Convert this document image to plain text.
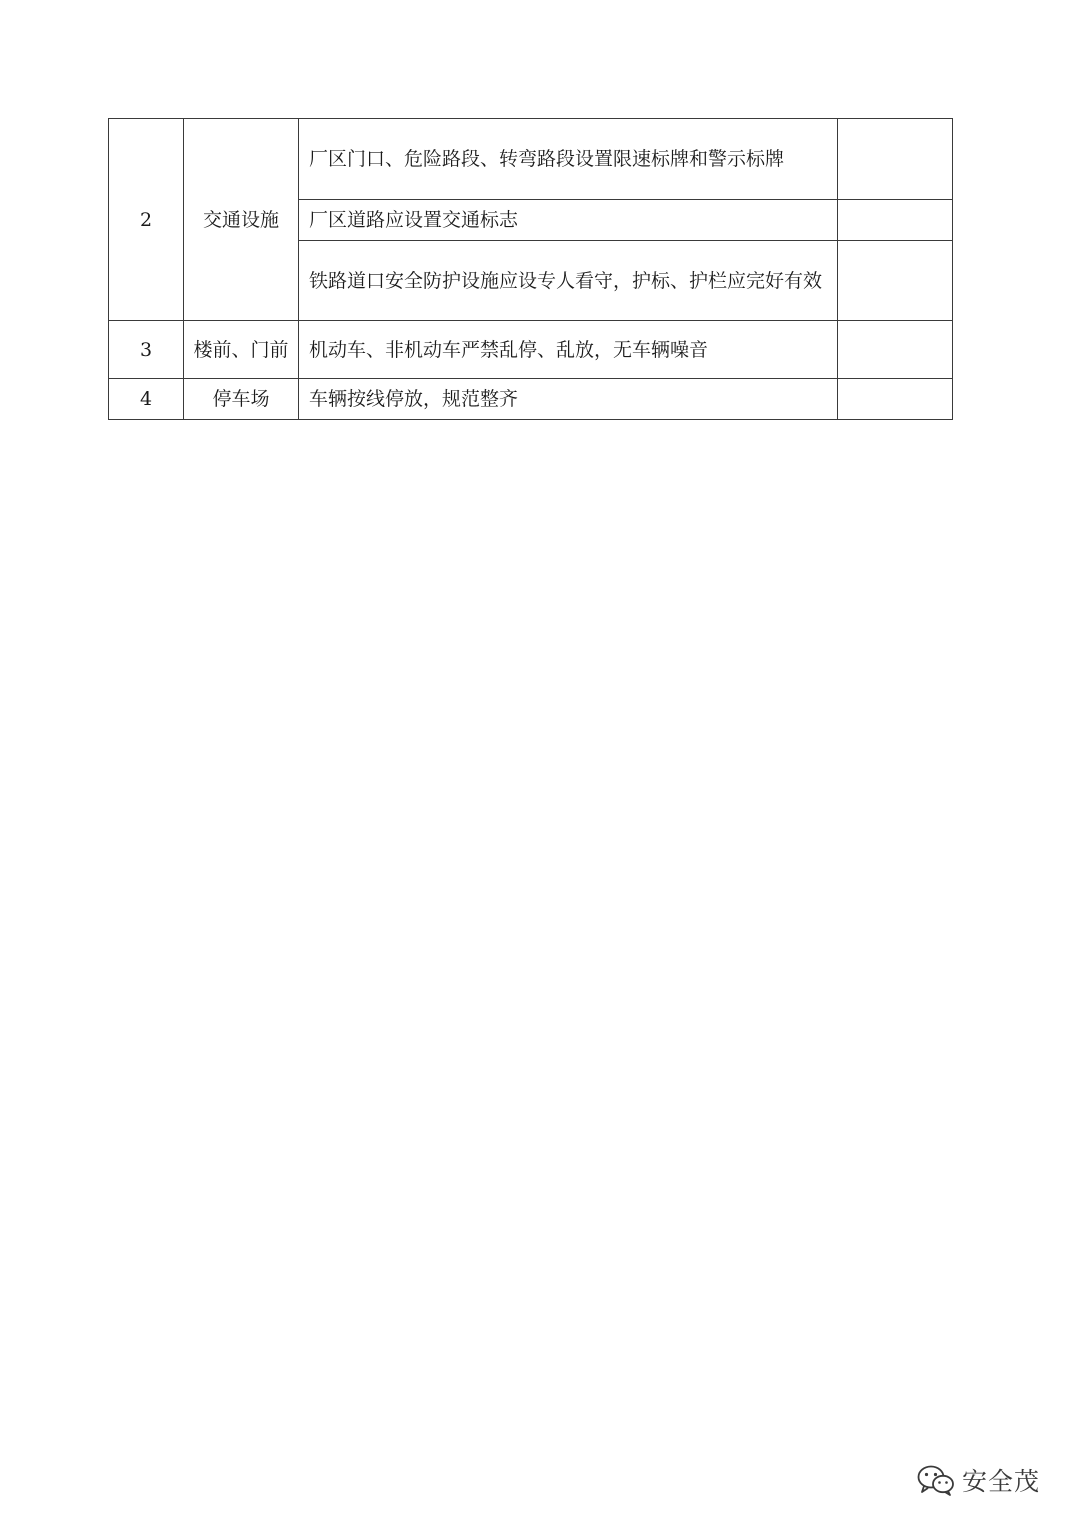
2	交通设施	厂区门口、危险路段、转弯路段设置限速标牌和警示标牌	
		厂区道路应设置交通标志	
		铁路道口安全防护设施应设专人看守，护标、护栏应完好有效	
3	楼前、门前	机动车、非机动车严禁乱停、乱放，无车辆噪音	
4	停车场	车辆按线停放，规范整齐	
安全茂
